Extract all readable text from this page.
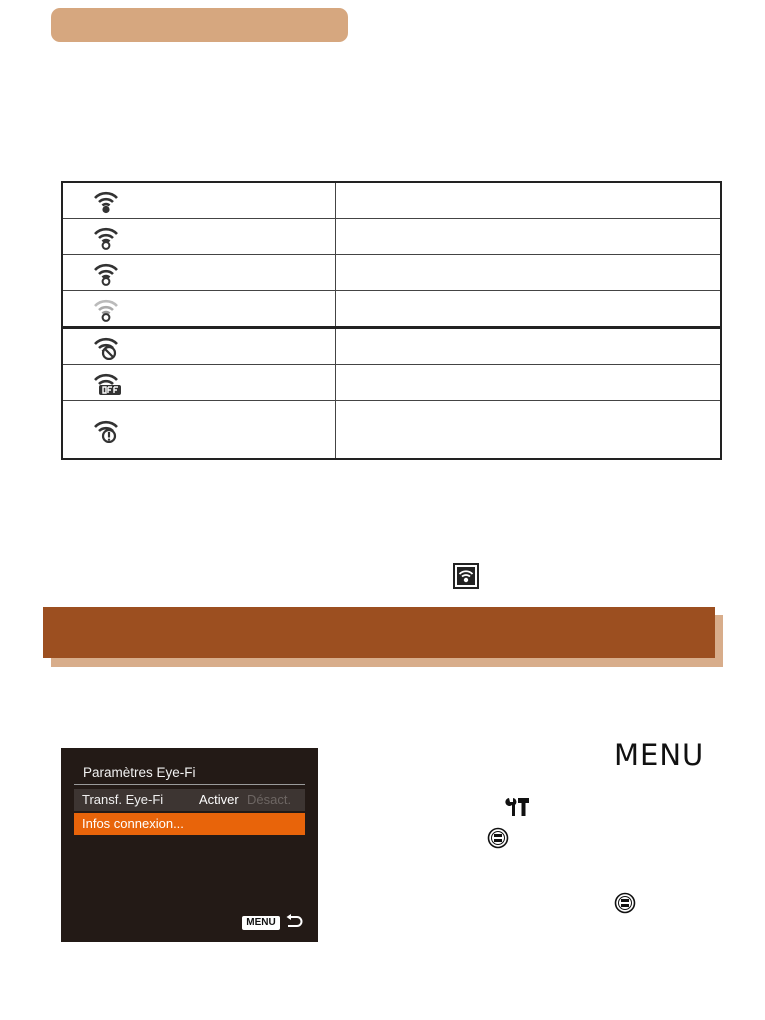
Paramètres Eye-Fi
Transf. Eye-Fi	Activer Désact.
Infos connexion...
MENU
MENU
